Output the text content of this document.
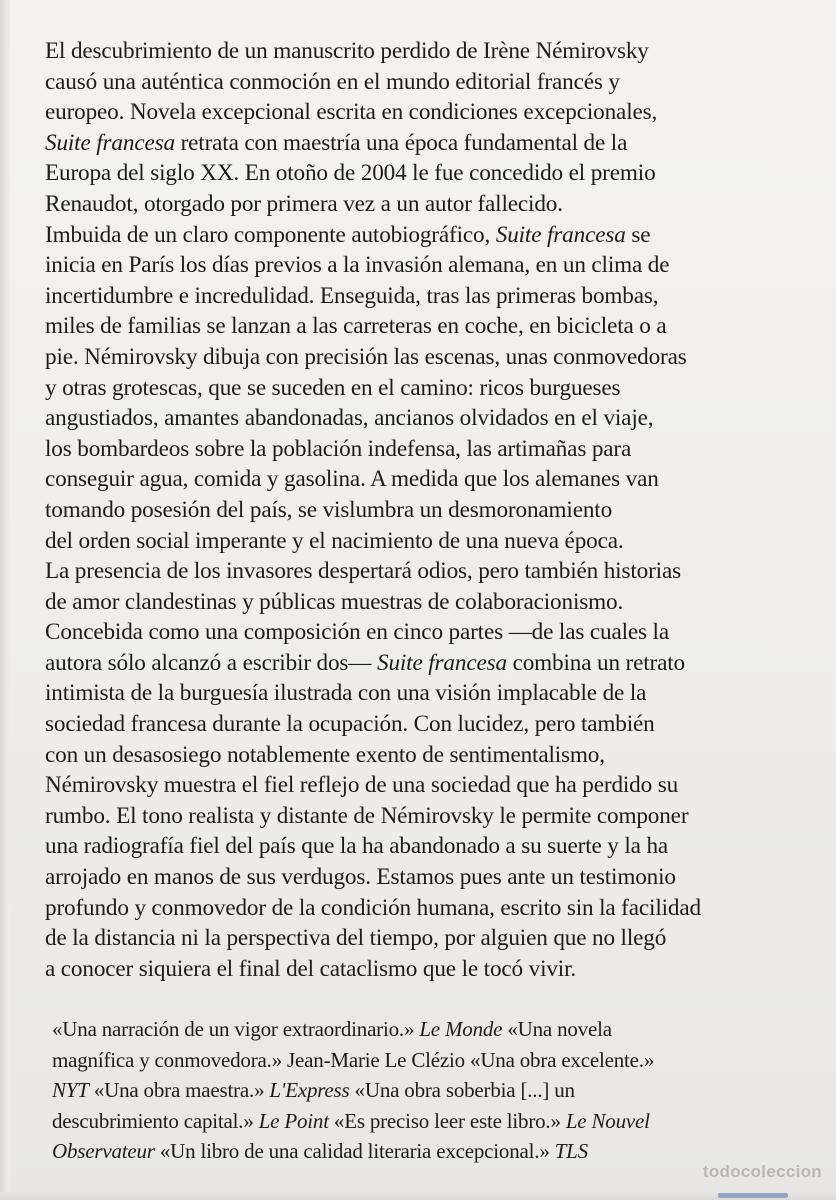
El descubrimiento de un manuscrito perdido de Irène Némirovsky
causó una auténtica conmoción en el mundo editorial francés y
europeo. Novela excepcional escrita en condiciones excepcionales,
Suite francesa retrata con maestría una época fundamental de la
Europa del siglo XX. En otoño de 2004 le fue concedido el premio
Renaudot, otorgado por primera vez a un autor fallecido.
Imbuida de un claro componente autobiográfico, Suite francesa se
inicia en París los días previos a la invasión alemana, en un clima de
incertidumbre e incredulidad. Enseguida, tras las primeras bombas,
miles de familias se lanzan a las carreteras en coche, en bicicleta o a
pie. Némirovsky dibuja con precisión las escenas, unas conmovedoras
y otras grotescas, que se suceden en el camino: ricos burgueses
angustiados, amantes abandonadas, ancianos olvidados en el viaje,
los bombardeos sobre la población indefensa, las artimañas para
conseguir agua, comida y gasolina. A medida que los alemanes van
tomando posesión del país, se vislumbra un desmoronamiento
del orden social imperante y el nacimiento de una nueva época.
La presencia de los invasores despertará odios, pero también historias
de amor clandestinas y públicas muestras de colaboracionismo.
Concebida como una composición en cinco partes —de las cuales la
autora sólo alcanzó a escribir dos— Suite francesa combina un retrato
intimista de la burguesía ilustrada con una visión implacable de la
sociedad francesa durante la ocupación. Con lucidez, pero también
con un desasosiego notablemente exento de sentimentalismo,
Némirovsky muestra el fiel reflejo de una sociedad que ha perdido su
rumbo. El tono realista y distante de Némirovsky le permite componer
una radiografía fiel del país que la ha abandonado a su suerte y la ha
arrojado en manos de sus verdugos. Estamos pues ante un testimonio
profundo y conmovedor de la condición humana, escrito sin la facilidad
de la distancia ni la perspectiva del tiempo, por alguien que no llegó
a conocer siquiera el final del cataclismo que le tocó vivir.
«Una narración de un vigor extraordinario.» Le Monde «Una novela
magnífica y conmovedora.» Jean-Marie Le Clézio «Una obra excelente.»
NYT «Una obra maestra.» L'Express «Una obra soberbia [...] un
descubrimiento capital.» Le Point «Es preciso leer este libro.» Le Nouvel
Observateur «Un libro de una calidad literaria excepcional.» TLS
todocoleccion
